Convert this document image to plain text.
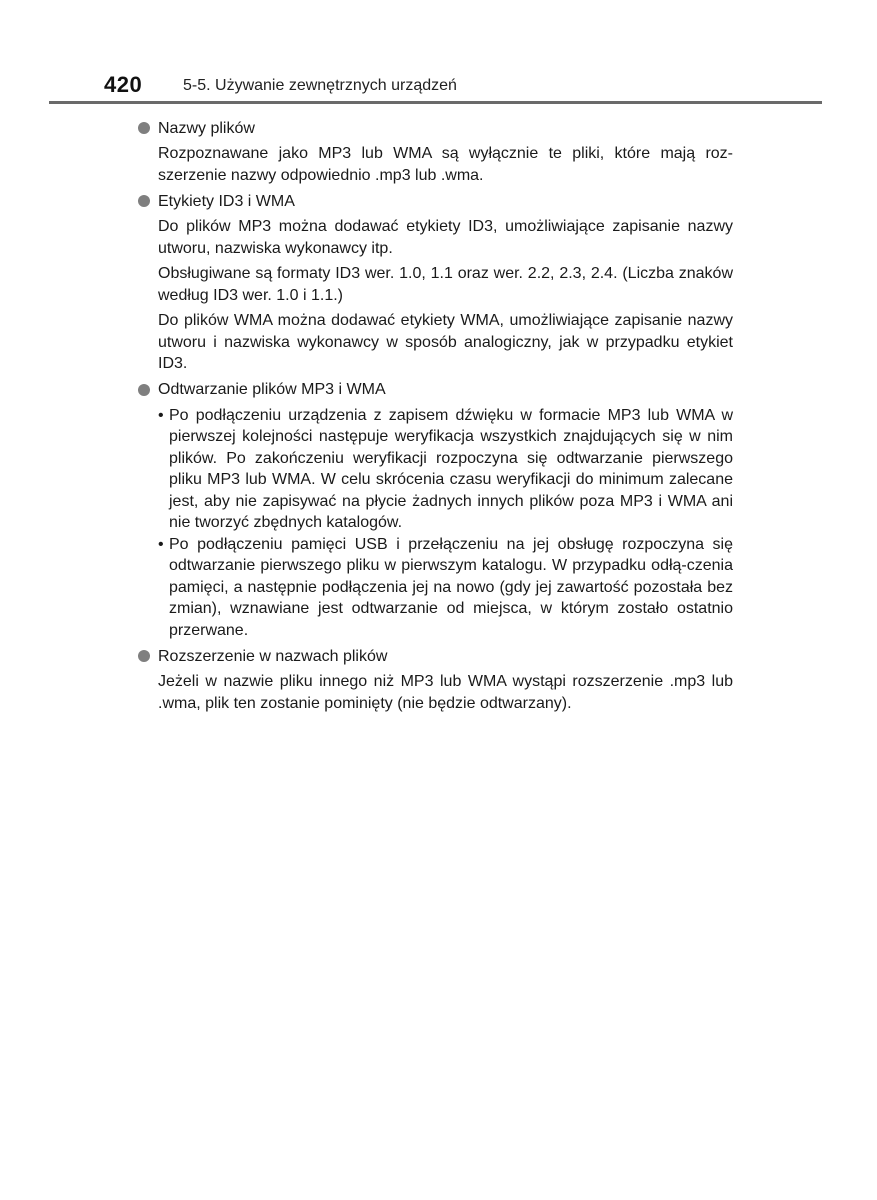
420	5-5. Używanie zewnętrznych urządzeń
Nazwy plików

Rozpoznawane jako MP3 lub WMA są wyłącznie te pliki, które mają roz-szerzenie nazwy odpowiednio .mp3 lub .wma.

Etykiety ID3 i WMA

Do plików MP3 można dodawać etykiety ID3, umożliwiające zapisanie nazwy utworu, nazwiska wykonawcy itp.

Obsługiwane są formaty ID3 wer. 1.0, 1.1 oraz wer. 2.2, 2.3, 2.4. (Liczba znaków według ID3 wer. 1.0 i 1.1.)

Do plików WMA można dodawać etykiety WMA, umożliwiające zapisanie nazwy utworu i nazwiska wykonawcy w sposób analogiczny, jak w przypadku etykiet ID3.

Odtwarzanie plików MP3 i WMA
• Po podłączeniu urządzenia z zapisem dźwięku w formacie MP3 lub WMA w pierwszej kolejności następuje weryfikacja wszystkich znajdujących się w nim plików. Po zakończeniu weryfikacji rozpoczyna się odtwarzanie pierwszego pliku MP3 lub WMA. W celu skrócenia czasu weryfikacji do minimum zalecane jest, aby nie zapisywać na płycie żadnych innych plików poza MP3 i WMA ani nie tworzyć zbędnych katalogów.
• Po podłączeniu pamięci USB i przełączeniu na jej obsługę rozpoczyna się odtwarzanie pierwszego pliku w pierwszym katalogu. W przypadku odłą-czenia pamięci, a następnie podłączenia jej na nowo (gdy jej zawartość pozostała bez zmian), wznawiane jest odtwarzanie od miejsca, w którym zostało ostatnio przerwane.
Rozszerzenie w nazwach plików

Jeżeli w nazwie pliku innego niż MP3 lub WMA wystąpi rozszerzenie .mp3 lub .wma, plik ten zostanie pominięty (nie będzie odtwarzany).
